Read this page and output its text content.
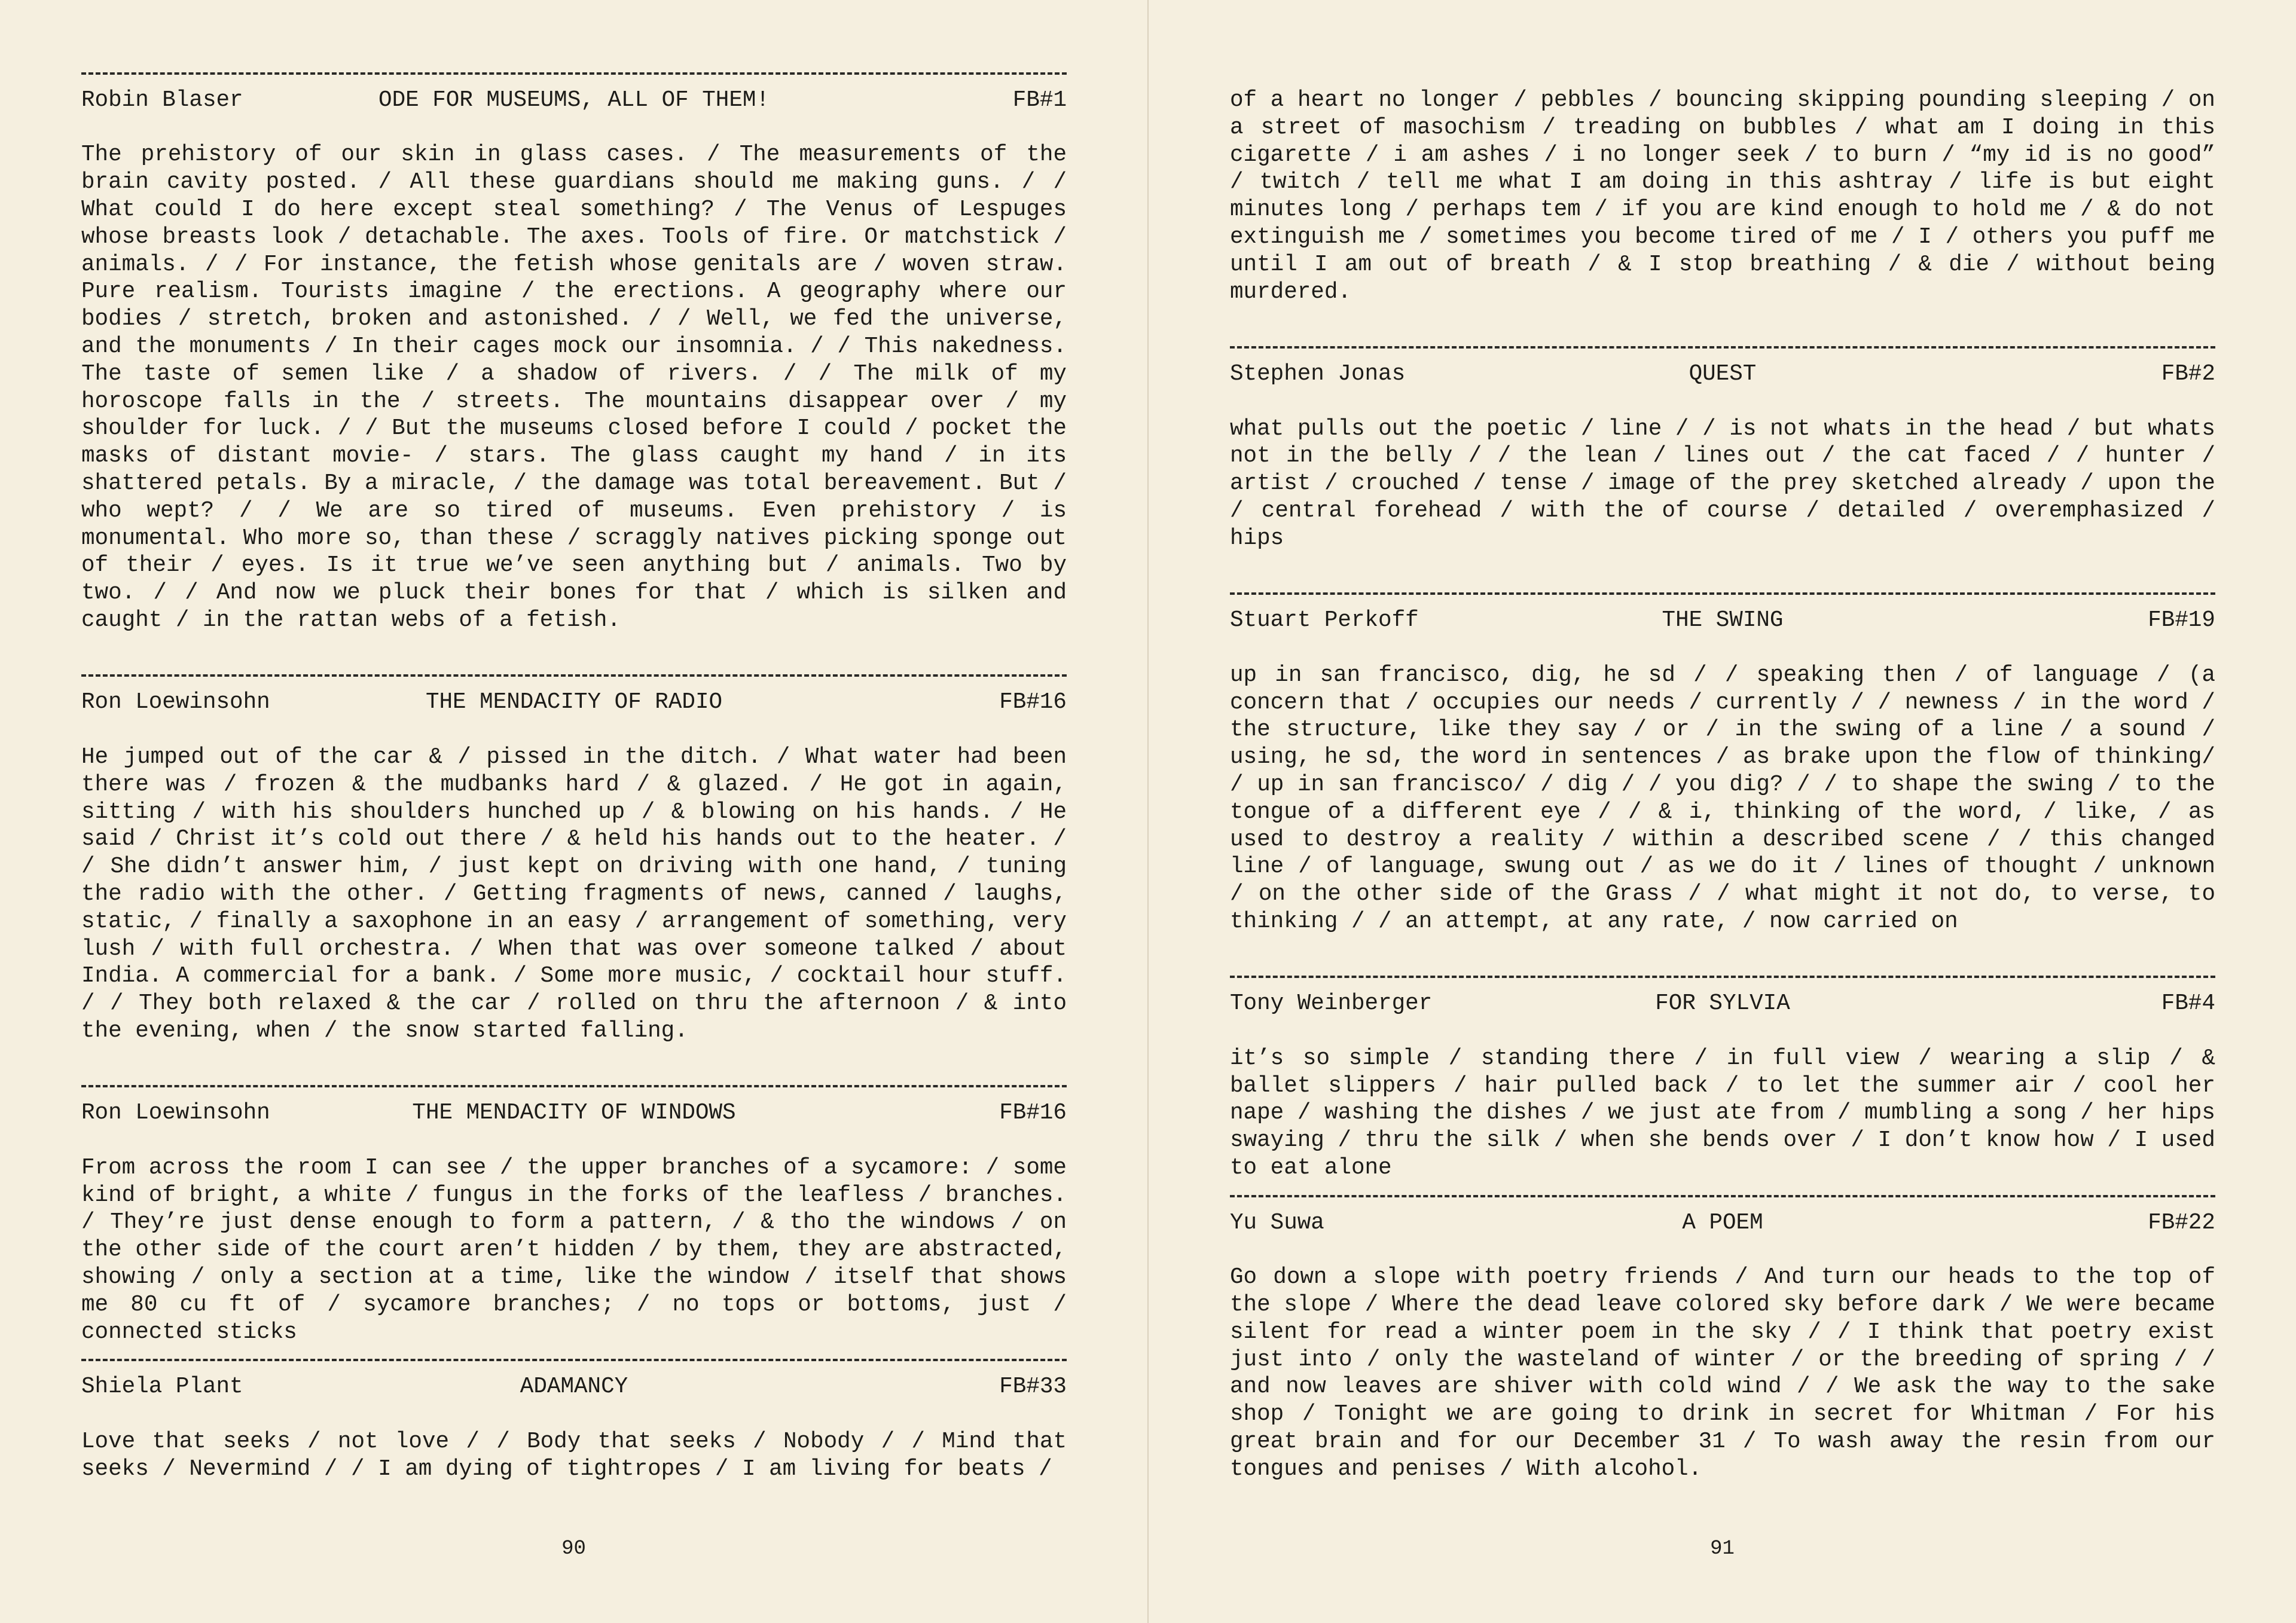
Robin Blaser	ODE FOR MUSEUMS, ALL OF THEM!	FB#1

The prehistory of our skin in glass cases. / The measurements of the brain cavity posted. / All these guardians should me making guns. / / What could I do here except steal something? / The Venus of Lespuges whose breasts look / detachable. The axes. Tools of fire. Or matchstick / animals. / / For instance, the fetish whose genitals are / woven straw. Pure realism. Tourists imagine / the erections. A geography where our bodies / stretch, broken and astonished. / / Well, we fed the universe, and the monuments / In their cages mock our insomnia. / / This nakedness. The taste of semen like / a shadow of rivers. / / The milk of my horoscope falls in the / streets. The mountains disappear over / my shoulder for luck. / / But the museums closed before I could / pocket the masks of distant movie- / stars. The glass caught my hand / in its shattered petals. By a miracle, / the damage was total bereavement. But / who wept? / / We are so tired of museums. Even prehistory / is monumental. Who more so, than these / scraggly natives picking sponge out of their / eyes. Is it true we’ve seen anything but / animals. Two by two. / / And now we pluck their bones for that / which is silken and caught / in the rattan webs of a fetish.

Ron Loewinsohn	THE MENDACITY OF RADIO	FB#16

He jumped out of the car & / pissed in the ditch. / What water had been there was / frozen & the mudbanks hard / & glazed. / He got in again, sitting / with his shoulders hunched up / & blowing on his hands. / He said / Christ it’s cold out there / & held his hands out to the heater. / / She didn’t answer him, / just kept on driving with one hand, / tuning the radio with the other. / Getting fragments of news, canned / laughs, static, / finally a saxophone in an easy / arrangement of something, very lush / with full orchestra. / When that was over someone talked / about India. A commercial for a bank. / Some more music, / cocktail hour stuff. / / They both relaxed & the car / rolled on thru the afternoon / & into the evening, when / the snow started falling.

Ron Loewinsohn	THE MENDACITY OF WINDOWS	FB#16

From across the room I can see / the upper branches of a sycamore: / some kind of bright, a white / fungus in the forks of the leafless / branches. / They’re just dense enough to form a pattern, / & tho the windows / on the other side of the court aren’t hidden / by them, they are abstracted, showing / only a section at a time, like the window / itself that shows me 80 cu ft of / sycamore branches; / no tops or bottoms, just / connected sticks

Shiela Plant	ADAMANCY	FB#33

Love that seeks / not love / / Body that seeks / Nobody / / Mind that seeks / Nevermind / / I am dying of tightropes / I am living for beats /

90

of a heart no longer / pebbles / bouncing skipping pounding sleeping / on a street of masochism / treading on bubbles / what am I doing in this cigarette / i am ashes / i no longer seek / to burn / “my id is no good” / twitch / tell me what I am doing in this ashtray / life is but eight minutes long / perhaps tem / if you are kind enough to hold me / & do not extinguish me / sometimes you become tired of me / I / others you puff me until I am out of breath / & I stop breathing / & die / without being murdered.

Stephen Jonas	QUEST	FB#2

what pulls out the poetic / line / / is not whats in the head / but whats not in the belly / / the lean / lines out / the cat faced / / hunter / artist / crouched / tense / image of the prey sketched already / upon the / central forehead / with the of course / detailed / overemphasized / hips

Stuart Perkoff	THE SWING	FB#19

up in san francisco, dig, he sd / / speaking then / of language / (a concern that / occupies our needs / currently / / newness / in the word / the structure, like they say / or / in the swing of a line / a sound / using, he sd, the word in sentences / as brake upon the flow of thinking/ / up in san francisco/ / dig / / you dig? / / to shape the swing / to the tongue of a different eye / / & i, thinking of the word, / like, / as used to destroy a reality / within a described scene / / this changed line / of language, swung out / as we do it / lines of thought / unknown / on the other side of the Grass / / what might it not do, to verse, to thinking / / an attempt, at any rate, / now carried on

Tony Weinberger	FOR SYLVIA	FB#4

it’s so simple / standing there / in full view / wearing a slip / & ballet slippers / hair pulled back / to let the summer air / cool her nape / washing the dishes / we just ate from / mumbling a song / her hips swaying / thru the silk / when she bends over / I don’t know how / I used to eat alone

Yu Suwa	A POEM	FB#22

Go down a slope with poetry friends / And turn our heads to the top of the slope / Where the dead leave colored sky before dark / We were became silent for read a winter poem in the sky / / I think that poetry exist just into / only the wasteland of winter / or the breeding of spring / / and now leaves are shiver with cold wind / / We ask the way to the sake shop / Tonight we are going to drink in secret for Whitman / For his great brain and for our December 31 / To wash away the resin from our tongues and penises / With alcohol.

91
